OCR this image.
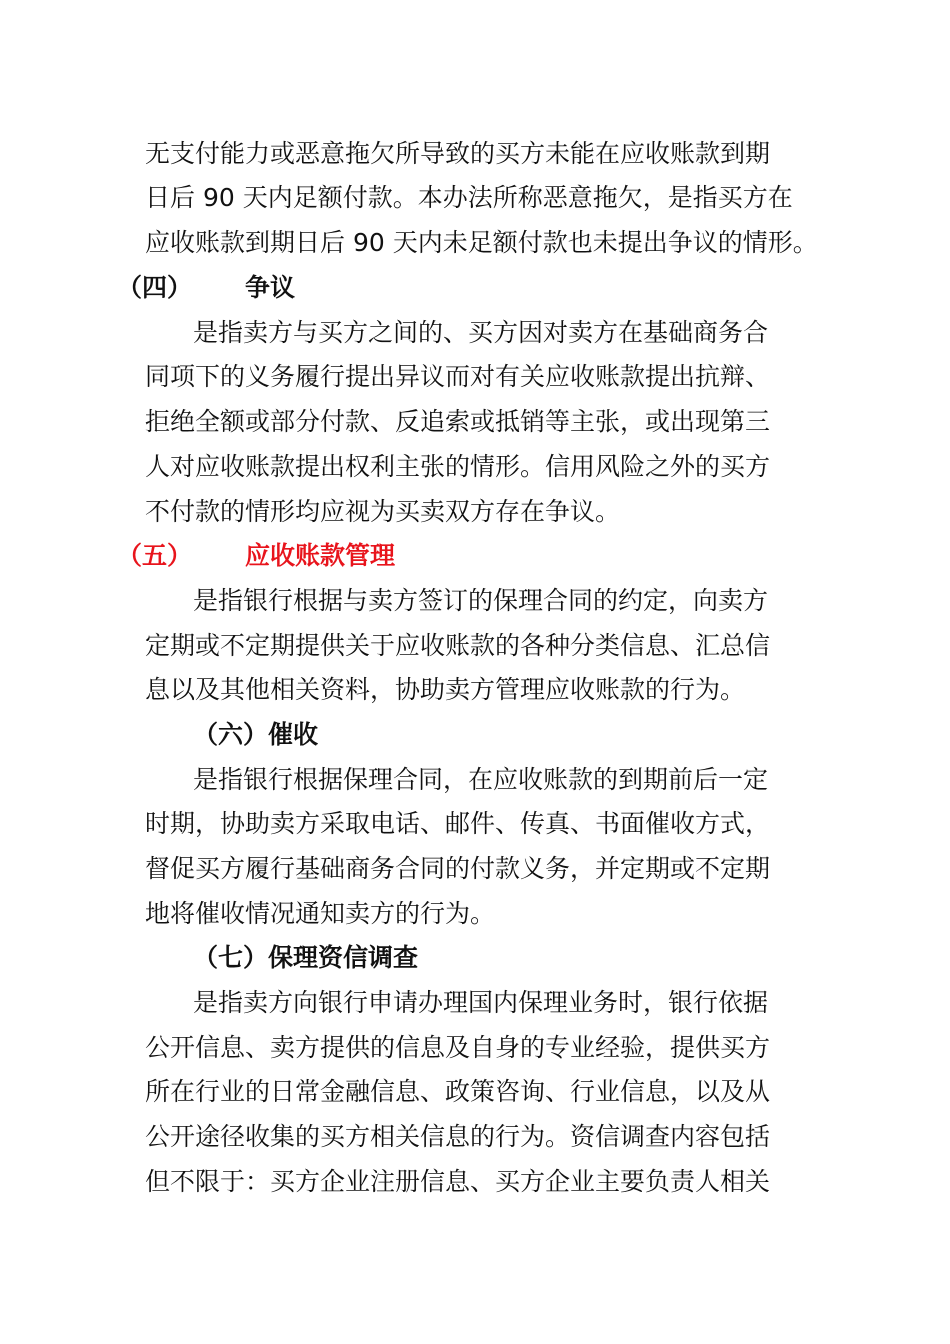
无支付能力或恶意拖欠所导致的买方未能在应收账款到期
日后 90 天内足额付款。本办法所称恶意拖欠，是指买方在
应收账款到期日后 90 天内未足额付款也未提出争议的情形。
（四） 争议
是指卖方与买方之间的、买方因对卖方在基础商务合
同项下的义务履行提出异议而对有关应收账款提出抗辩、
拒绝全额或部分付款、反追索或抵销等主张，或出现第三
人对应收账款提出权利主张的情形。信用风险之外的买方
不付款的情形均应视为买卖双方存在争议。
（五） 应收账款管理
是指银行根据与卖方签订的保理合同的约定，向卖方
定期或不定期提供关于应收账款的各种分类信息、汇总信
息以及其他相关资料，协助卖方管理应收账款的行为。
（六）催收
是指银行根据保理合同，在应收账款的到期前后一定
时期，协助卖方采取电话、邮件、传真、书面催收方式，
督促买方履行基础商务合同的付款义务，并定期或不定期
地将催收情况通知卖方的行为。
（七）保理资信调查
是指卖方向银行申请办理国内保理业务时，银行依据
公开信息、卖方提供的信息及自身的专业经验，提供买方
所在行业的日常金融信息、政策咨询、行业信息，以及从
公开途径收集的买方相关信息的行为。资信调查内容包括
但不限于：买方企业注册信息、买方企业主要负责人相关
